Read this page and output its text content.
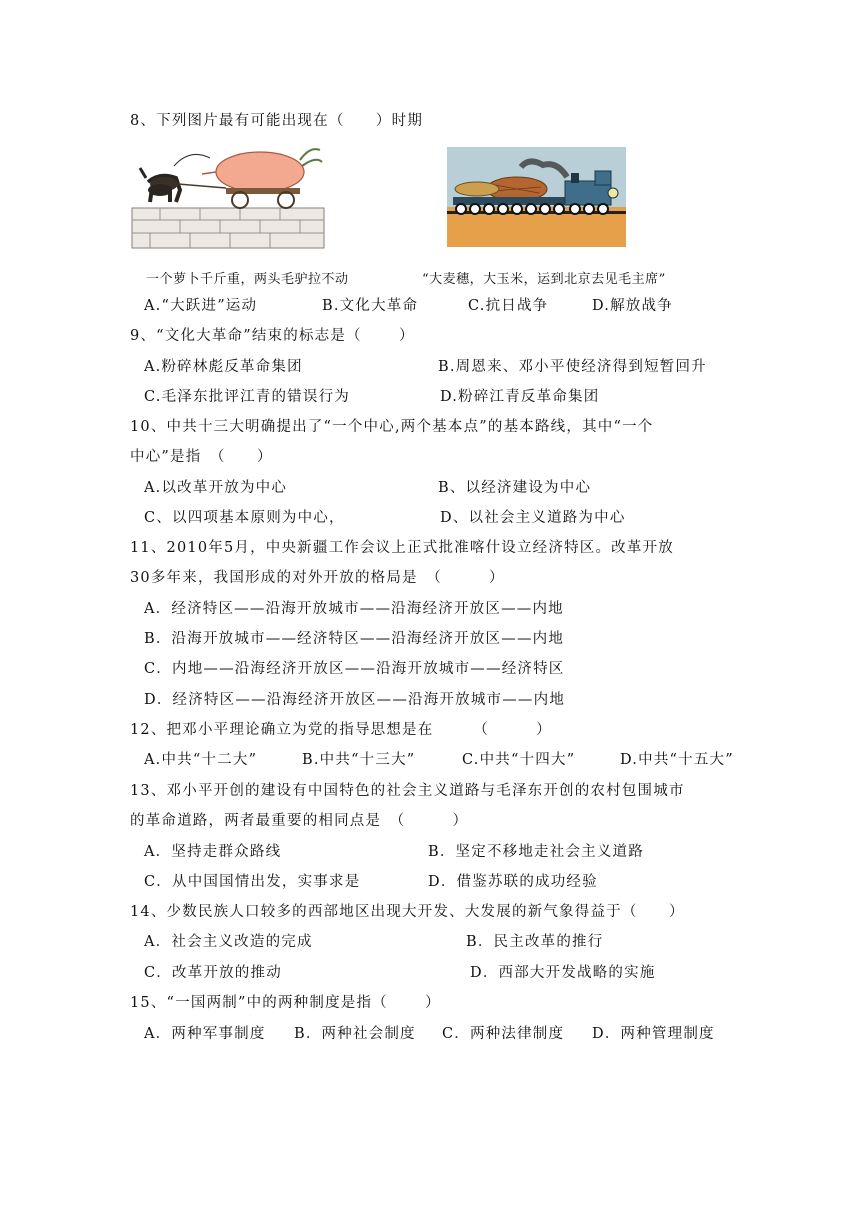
8、下列图片最有可能出现在（　　）时期
一个萝卜千斤重，两头毛驴拉不动	“大麦穗，大玉米，运到北京去见毛主席”
A.“大跃进”运动	B.文化大革命	C.抗日战争	D.解放战争
9、“文化大革命”结束的标志是（　　 ）
A.粉碎林彪反革命集团	B.周恩来、邓小平使经济得到短暂回升
C.毛泽东批评江青的错误行为	D.粉碎江青反革命集团
10、中共十三大明确提出了“一个中心,两个基本点”的基本路线，其中“一个
中心”是指　（　　）
A.以改革开放为中心	B、以经济建设为中心
C、以四项基本原则为中心，	D、以社会主义道路为中心
11、2010年5月，中央新疆工作会议上正式批准喀什设立经济特区。改革开放
30多年来，我国形成的对外开放的格局是　（　　　）
A．经济特区——沿海开放城市——沿海经济开放区——内地
B．沿海开放城市——经济特区——沿海经济开放区——内地
C．内地——沿海经济开放区——沿海开放城市——经济特区
D．经济特区——沿海经济开放区——沿海开放城市——内地
12、把邓小平理论确立为党的指导思想是在　　　（　　　）
A.中共“十二大”	B.中共“十三大”	C.中共“十四大”	D.中共“十五大”
13、邓小平开创的建设有中国特色的社会主义道路与毛泽东开创的农村包围城市
的革命道路，两者最重要的相同点是　（　　　）
A．坚持走群众路线	B．坚定不移地走社会主义道路
C．从中国国情出发，实事求是	D．借鉴苏联的成功经验
14、少数民族人口较多的西部地区出现大开发、大发展的新气象得益于（　　）
A．社会主义改造的完成	B．民主改革的推行
C．改革开放的推动	D．西部大开发战略的实施
15、“一国两制”中的两种制度是指（　　 ）
A．两种军事制度 B．两种社会制度 C．两种法律制度 D．两种管理制度
